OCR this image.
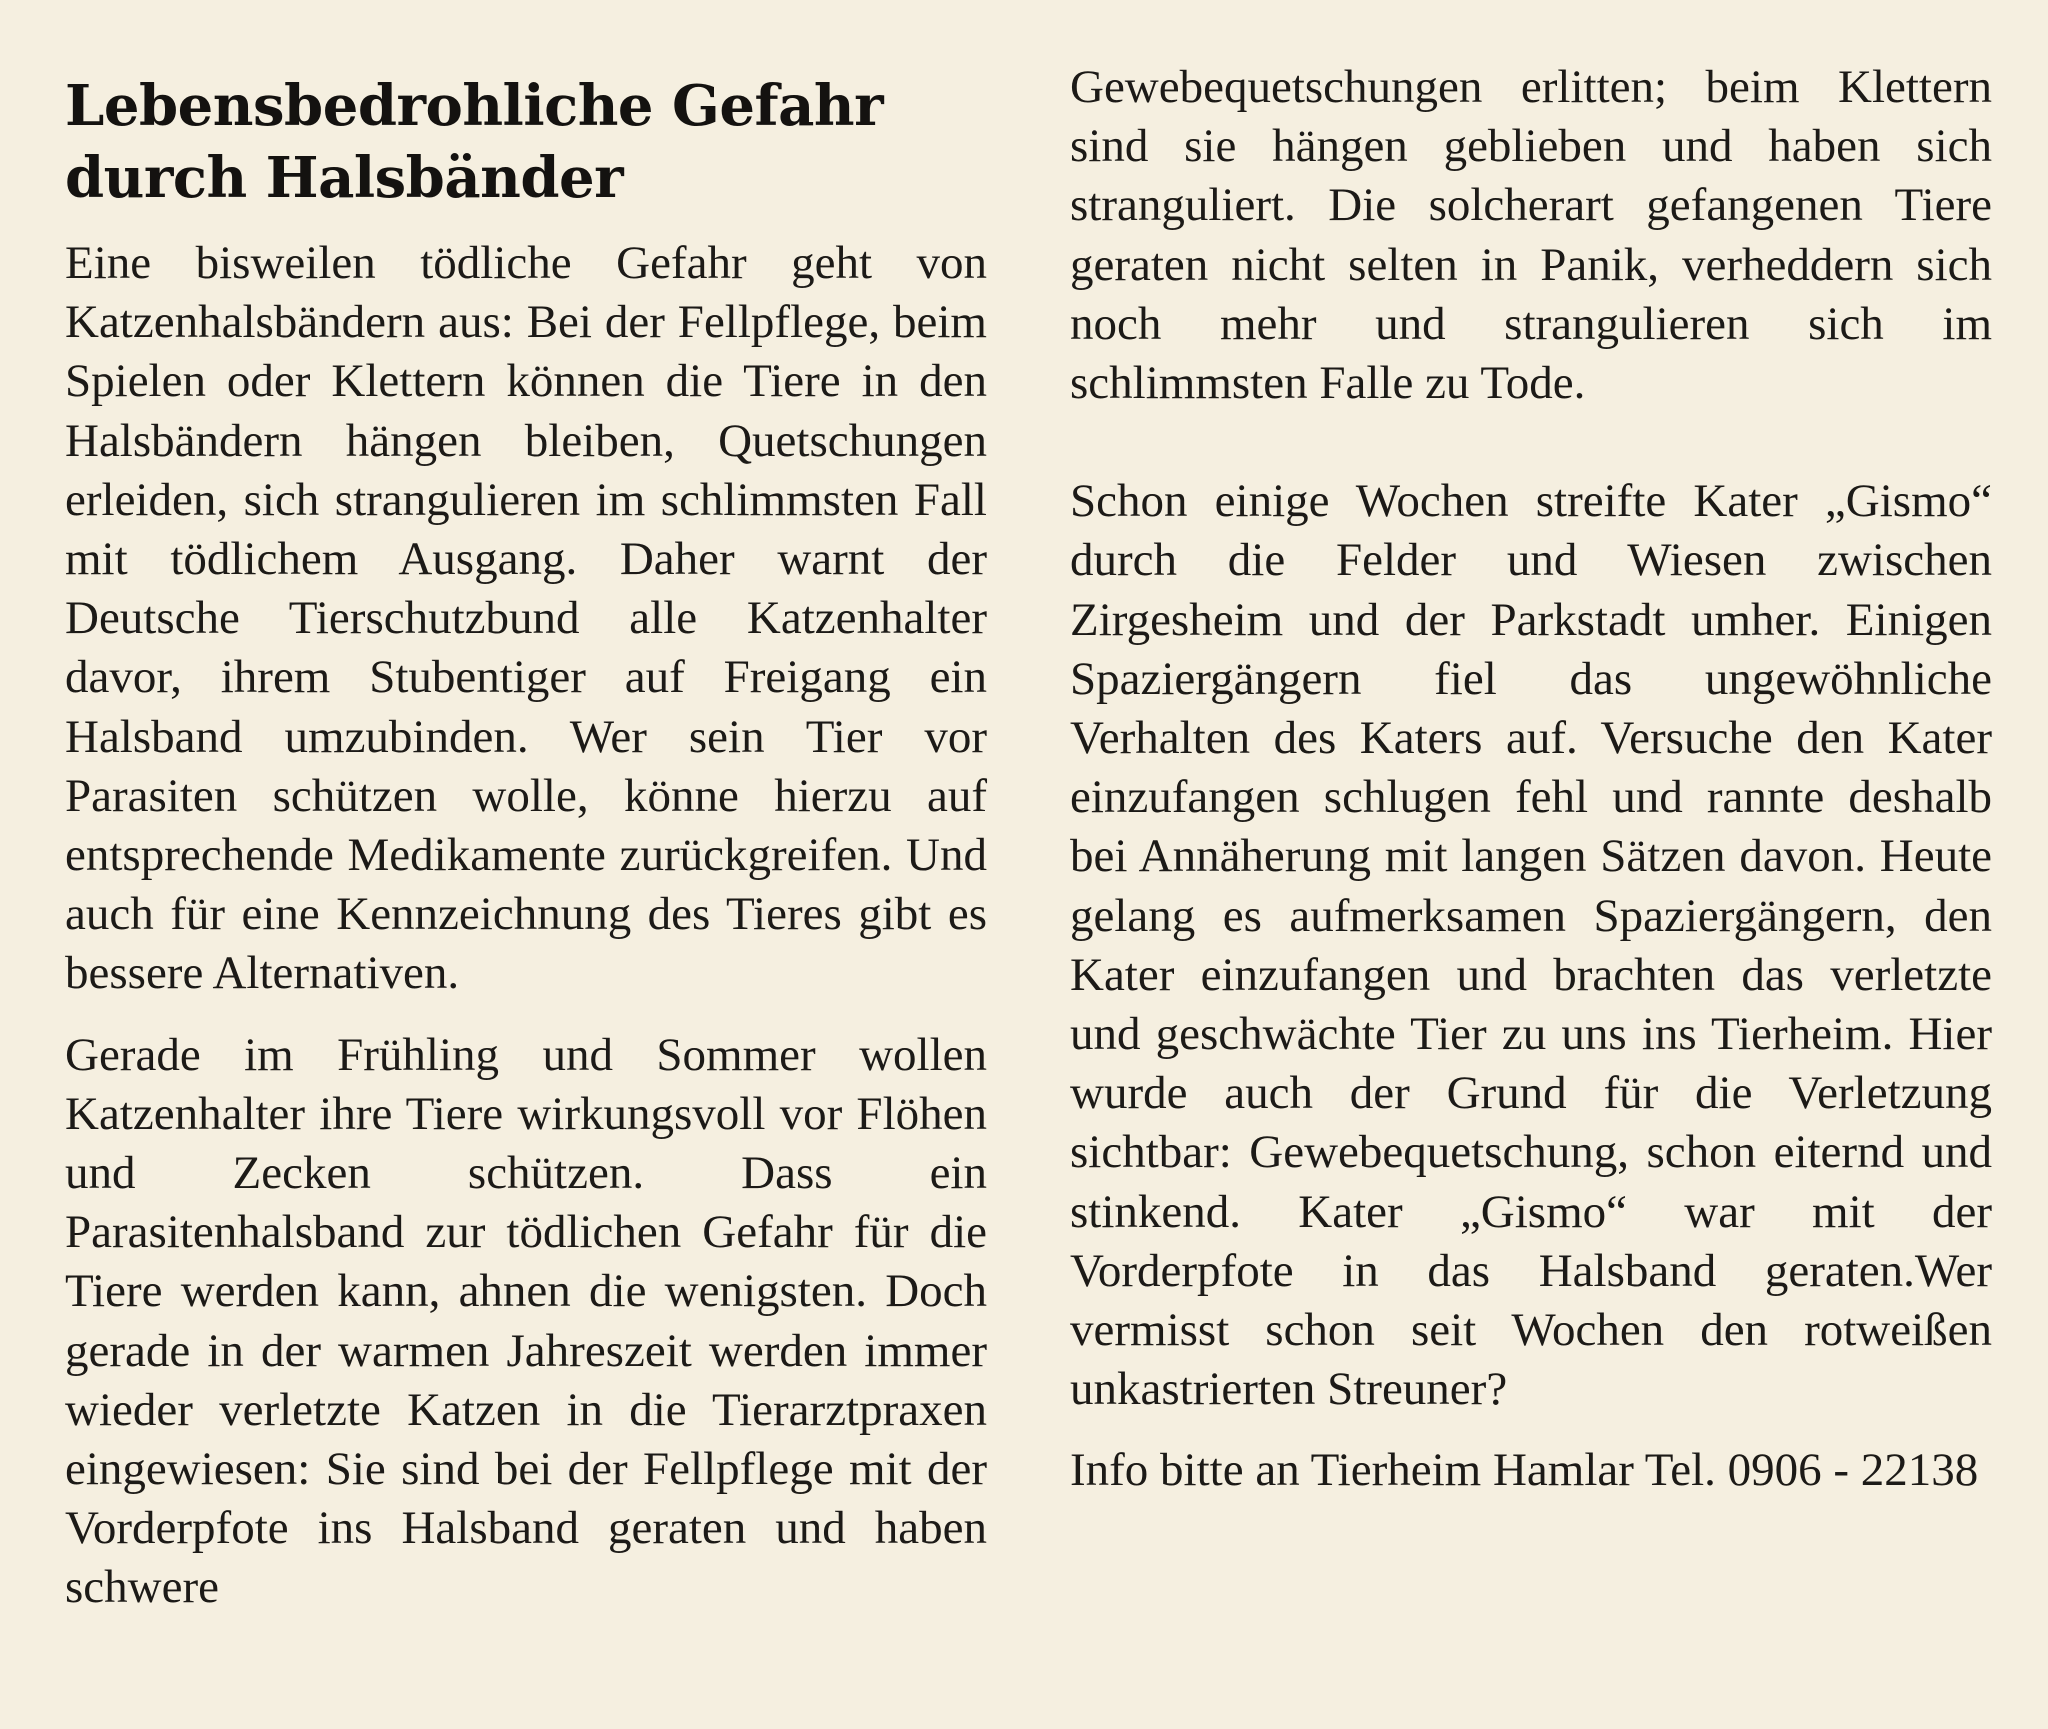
Lebensbedrohliche Gefahr durch Halsbänder

Eine bisweilen tödliche Gefahr geht von Katzenhalsbändern aus: Bei der Fellpflege, beim Spielen oder Klettern können die Tiere in den Halsbändern hängen bleiben, Quetschungen erleiden, sich strangulieren im schlimmsten Fall mit tödlichem Ausgang. Daher warnt der Deutsche Tierschutzbund alle Katzenhalter davor, ihrem Stubentiger auf Freigang ein Halsband umzubinden. Wer sein Tier vor Parasiten schützen wolle, könne hierzu auf entsprechende Medikamente zurückgreifen. Und auch für eine Kennzeichnung des Tieres gibt es bessere Alternativen.

Gerade im Frühling und Sommer wollen Katzenhalter ihre Tiere wirkungsvoll vor Flöhen und Zecken schützen. Dass ein Parasitenhalsband zur tödlichen Gefahr für die Tiere werden kann, ahnen die wenigsten. Doch gerade in der warmen Jahreszeit werden immer wieder verletzte Katzen in die Tierarztpraxen eingewiesen: Sie sind bei der Fellpflege mit der Vorderpfote ins Halsband geraten und haben schwere

Gewebequetschungen erlitten; beim Klettern sind sie hängen geblieben und haben sich stranguliert. Die solcherart gefangenen Tiere geraten nicht selten in Panik, verheddern sich noch mehr und strangulieren sich im schlimmsten Falle zu Tode.

Schon einige Wochen streifte Kater „Gismo“ durch die Felder und Wiesen zwischen Zirgesheim und der Parkstadt umher. Einigen Spaziergängern fiel das ungewöhnliche Verhalten des Katers auf. Versuche den Kater einzufangen schlugen fehl und rannte deshalb bei Annäherung mit langen Sätzen davon. Heute gelang es aufmerksamen Spaziergängern, den Kater einzufangen und brachten das verletzte und geschwächte Tier zu uns ins Tierheim. Hier wurde auch der Grund für die Verletzung sichtbar: Gewebequetschung, schon eiternd und stinkend. Kater „Gismo“ war mit der Vorderpfote in das Halsband geraten.Wer vermisst schon seit Wochen den rotweißen unkastrierten Streuner?

Info bitte an Tierheim Hamlar Tel. 0906 - 22138
